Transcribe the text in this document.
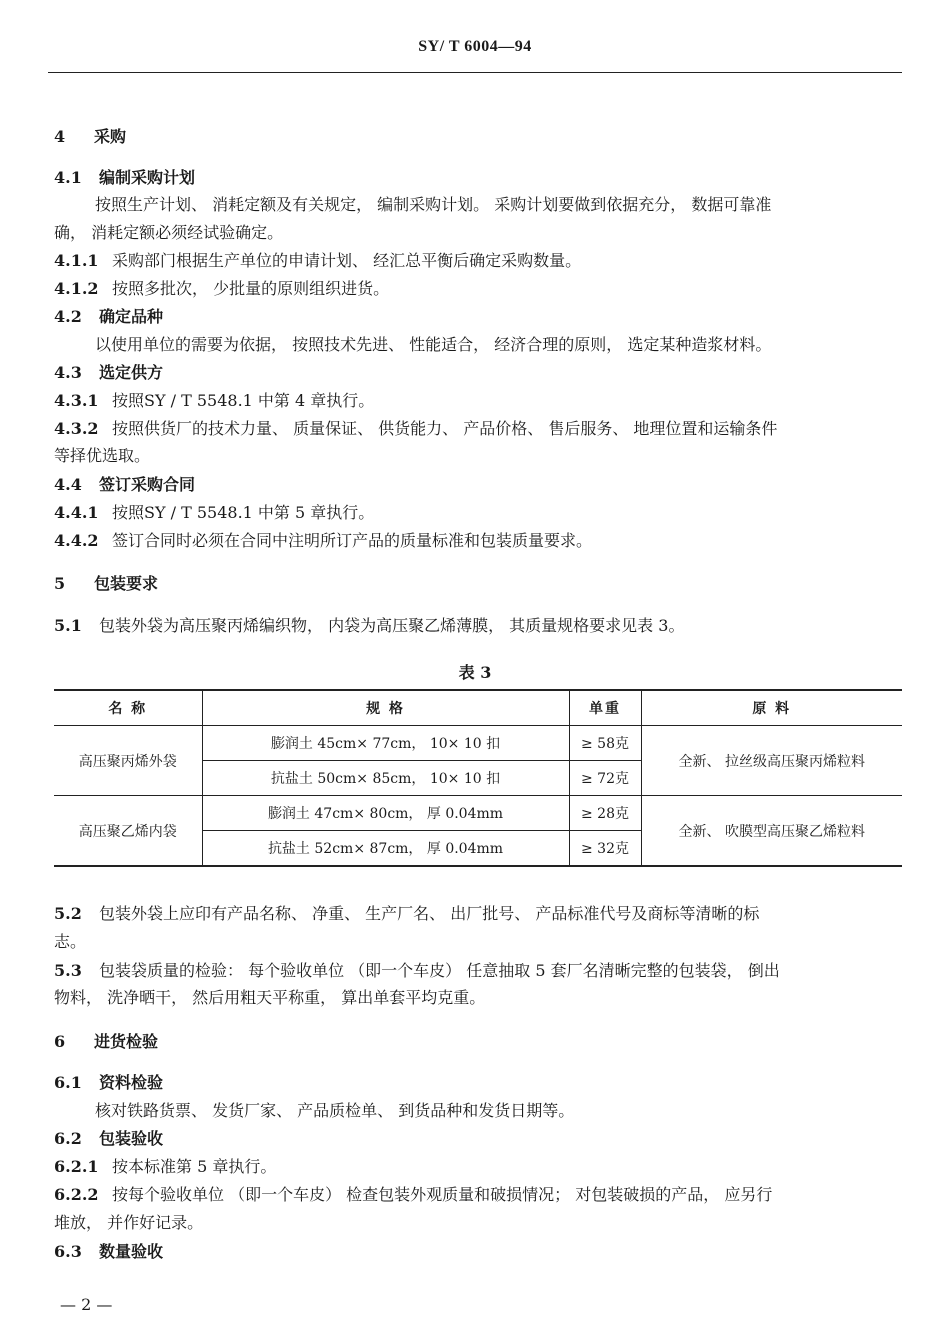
SY/ T 6004—94
4 采购
4.1 编制采购计划
按照生产计划、 消耗定额及有关规定， 编制采购计划。 采购计划要做到依据充分， 数据可靠准
确， 消耗定额必须经试验确定。
4.1.1 采购部门根据生产单位的申请计划、 经汇总平衡后确定采购数量。
4.1.2 按照多批次， 少批量的原则组织进货。
4.2 确定品种
以使用单位的需要为依据， 按照技术先进、 性能适合， 经济合理的原则， 选定某种造浆材料。
4.3 选定供方
4.3.1 按照SY / T 5548.1 中第 4 章执行。
4.3.2 按照供货厂的技术力量、 质量保证、 供货能力、 产品价格、 售后服务、 地理位置和运输条件
等择优选取。
4.4 签订采购合同
4.4.1 按照SY / T 5548.1 中第 5 章执行。
4.4.2 签订合同时必须在合同中注明所订产品的质量标准和包装质量要求。
5 包装要求
5.1 包装外袋为高压聚丙烯编织物， 内袋为高压聚乙烯薄膜， 其质量规格要求见表 3。
表 3
名 称	规 格	单重	原 料
高压聚丙烯外袋	膨润土 45cm× 77cm， 10× 10 扣	≥ 58克	全新、 拉丝级高压聚丙烯粒料
	抗盐土 50cm× 85cm， 10× 10 扣	≥ 72克	
高压聚乙烯内袋	膨润土 47cm× 80cm， 厚 0.04mm	≥ 28克	全新、 吹膜型高压聚乙烯粒料
	抗盐土 52cm× 87cm， 厚 0.04mm	≥ 32克	
5.2 包装外袋上应印有产品名称、 净重、 生产厂名、 出厂批号、 产品标准代号及商标等清晰的标
志。
5.3 包装袋质量的检验： 每个验收单位 （即一个车皮） 任意抽取 5 套厂名清晰完整的包装袋， 倒出
物料， 洗净晒干， 然后用粗天平称重， 算出单套平均克重。
6 进货检验
6.1 资料检验
核对铁路货票、 发货厂家、 产品质检单、 到货品种和发货日期等。
6.2 包装验收
6.2.1 按本标准第 5 章执行。
6.2.2 按每个验收单位 （即一个车皮） 检查包装外观质量和破损情况； 对包装破损的产品， 应另行
堆放， 并作好记录。
6.3 数量验收
— 2 —
